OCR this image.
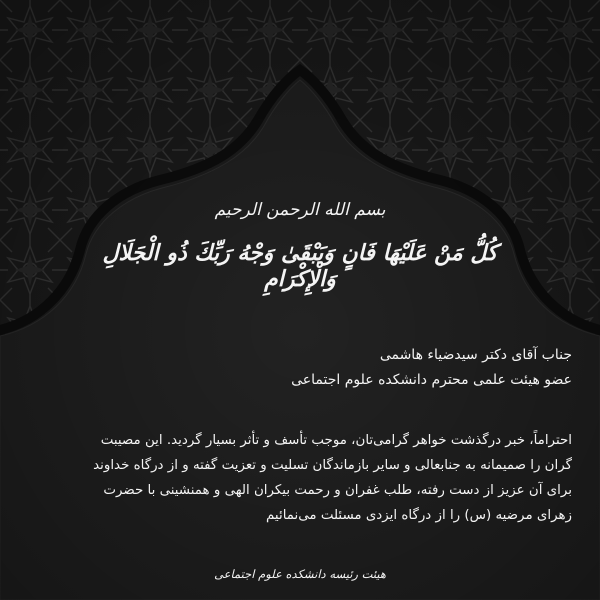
بسم الله الرحمن الرحيم
كُلُّ مَنْ عَلَيْهَا فَانٍ وَيَبْقَىٰ وَجْهُ رَبِّكَ ذُو الْجَلَالِ وَالْإِكْرَامِ
جناب آقای دکتر سیدضیاء هاشمی
عضو هیئت علمی محترم دانشکده علوم اجتماعی
احتراماً، خبر درگذشت خواهر گرامی‌تان، موجب تأسف و تأثر بسیار گردید. این مصیبت
گران را صمیمانه به جنابعالی و سایر بازماندگان تسلیت و تعزیت گفته و از درگاه خداوند
برای آن عزیز از دست رفته، طلب غفران و رحمت بیکران الهی و همنشینی با حضرت
زهرای مرضیه (س) را از درگاه ایزدی مسئلت می‌نمائیم
هیئت رئیسه دانشکده علوم اجتماعی
